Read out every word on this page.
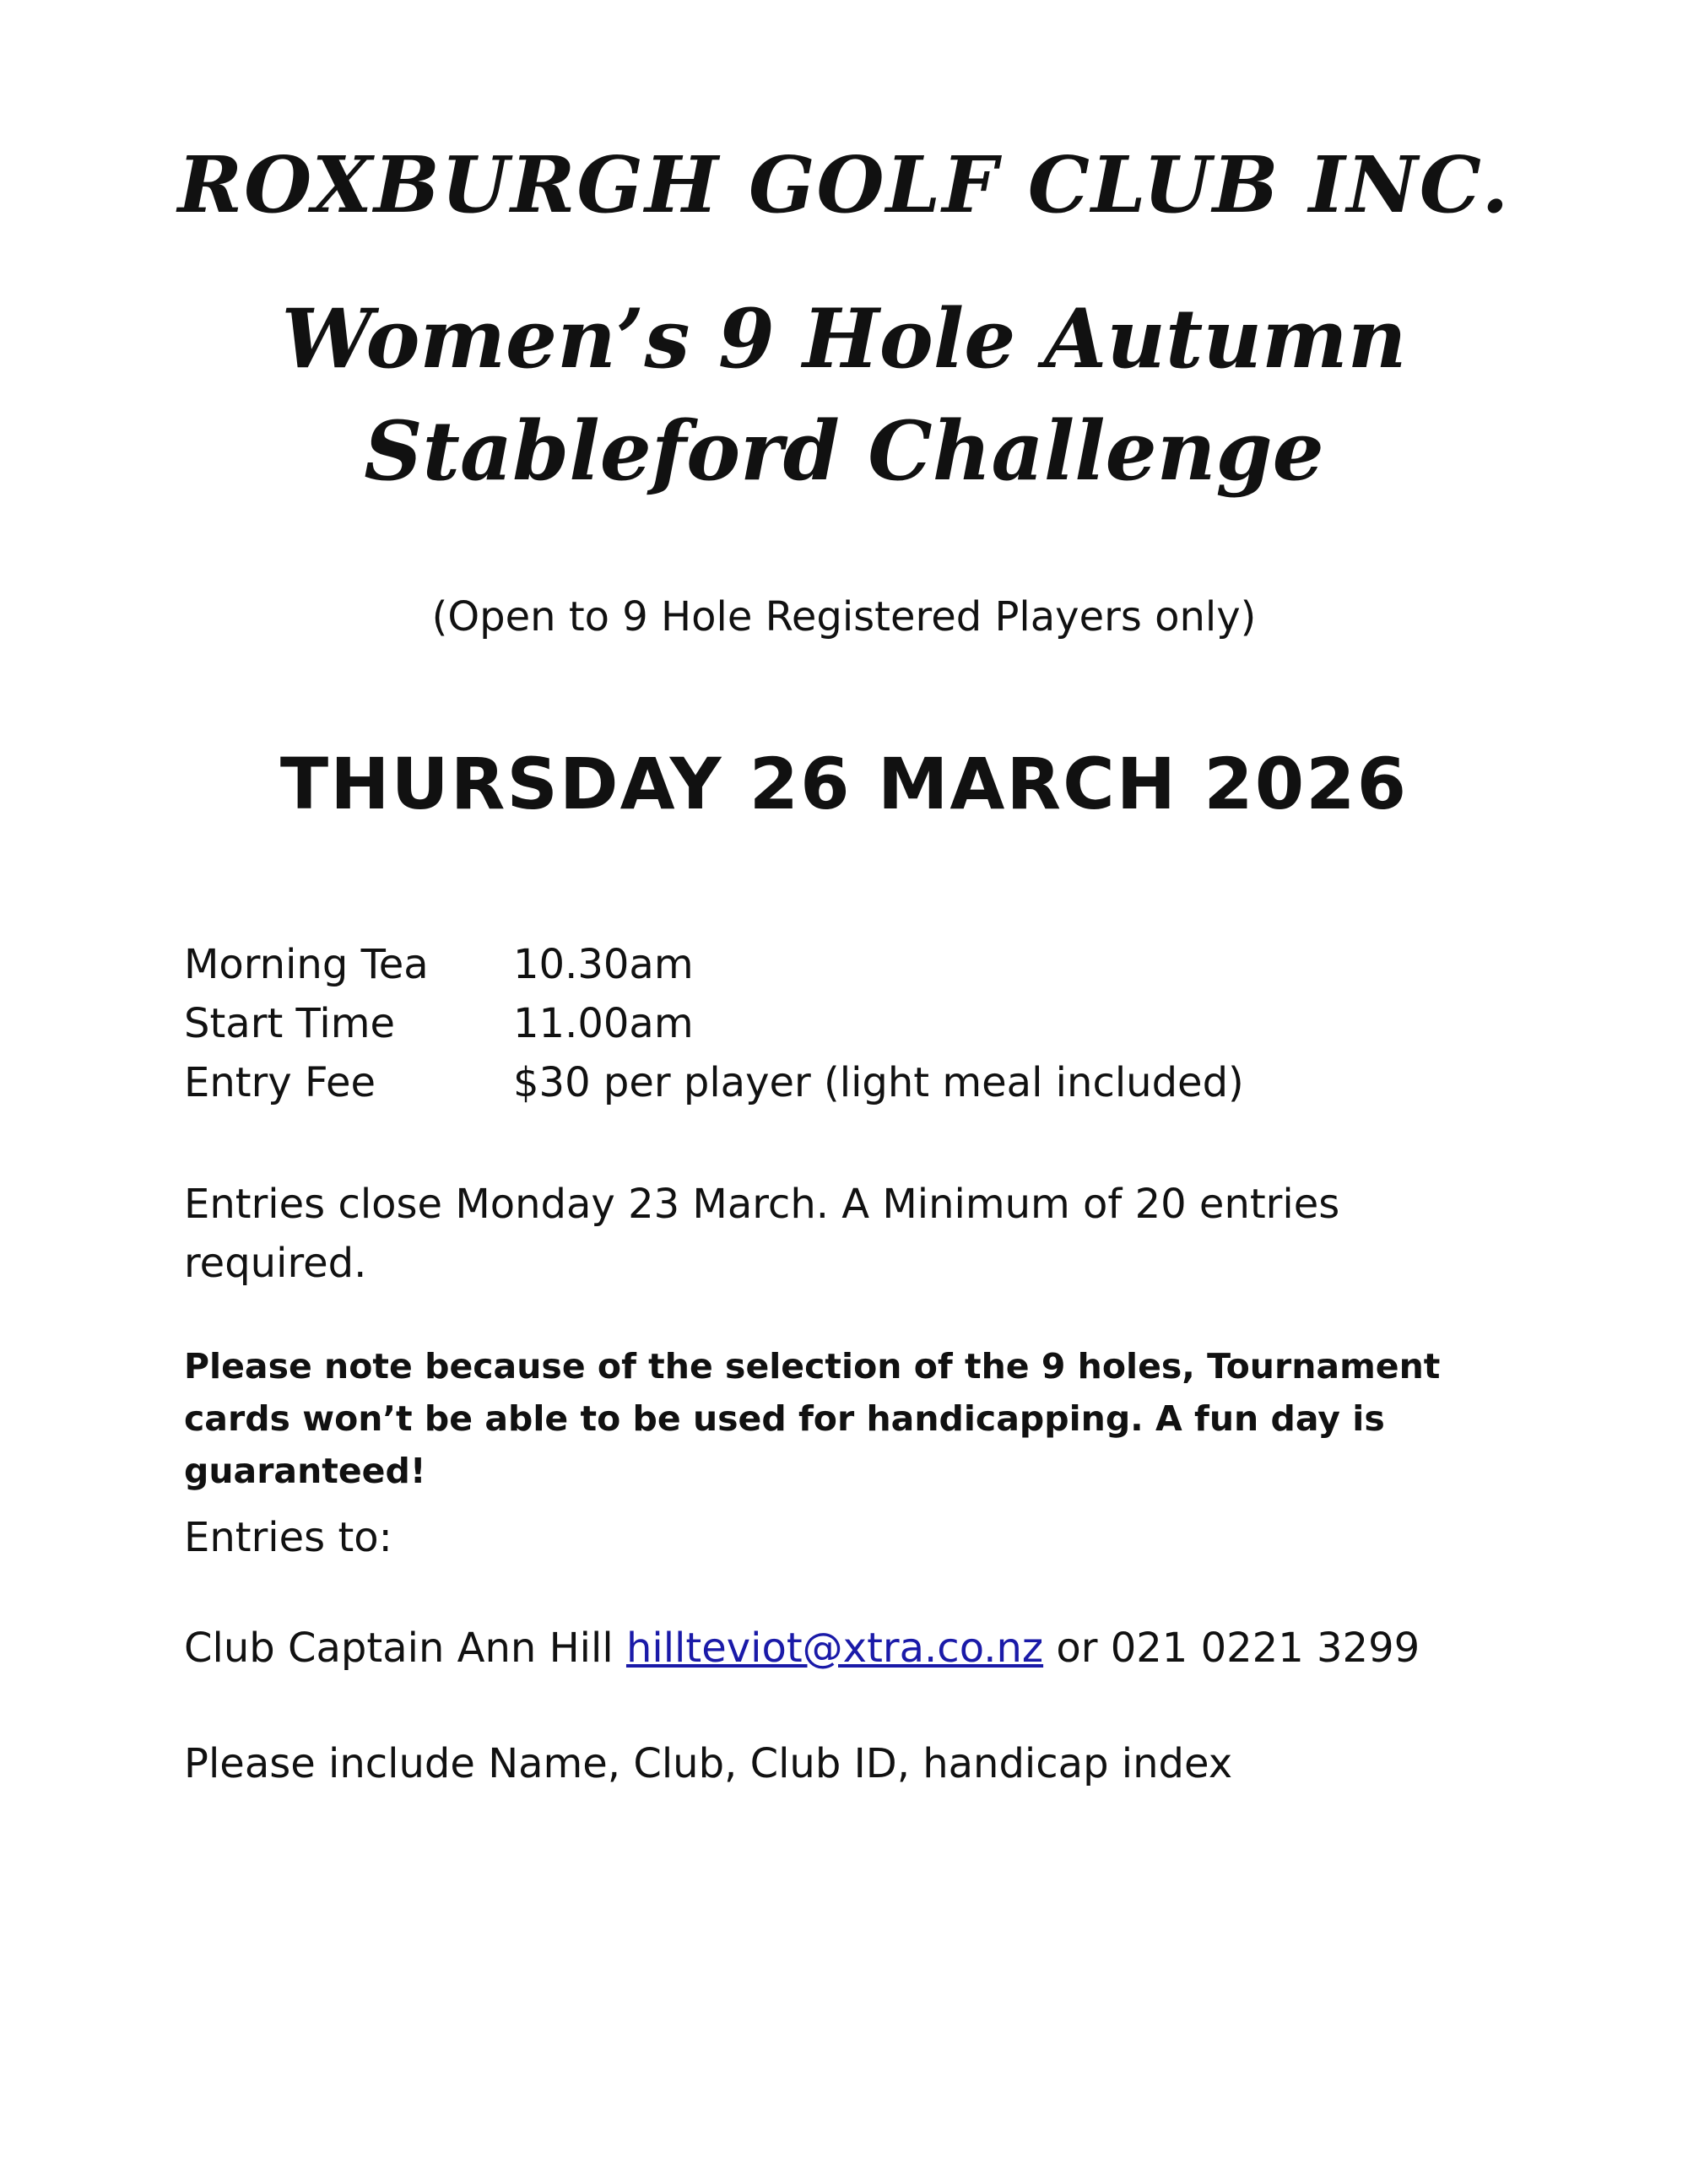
ROXBURGH GOLF CLUB INC.
Women’s 9 Hole Autumn
Stableford Challenge

(Open to 9 Hole Registered Players only)

THURSDAY 26 MARCH 2026

Morning Tea 10.30am
Start Time	11.00am
Entry Fee	$30 per player (light meal included)

Entries close Monday 23 March. A Minimum of 20 entries

required.

Please note because of the selection of the 9 holes, Tournament cards won’t be able to be used for handicapping. A fun day is guaranteed!

Entries to:

Club Captain Ann Hill hillteviot@xtra.co.nz or 021 0221 3299

Please include Name, Club, Club ID, handicap index
